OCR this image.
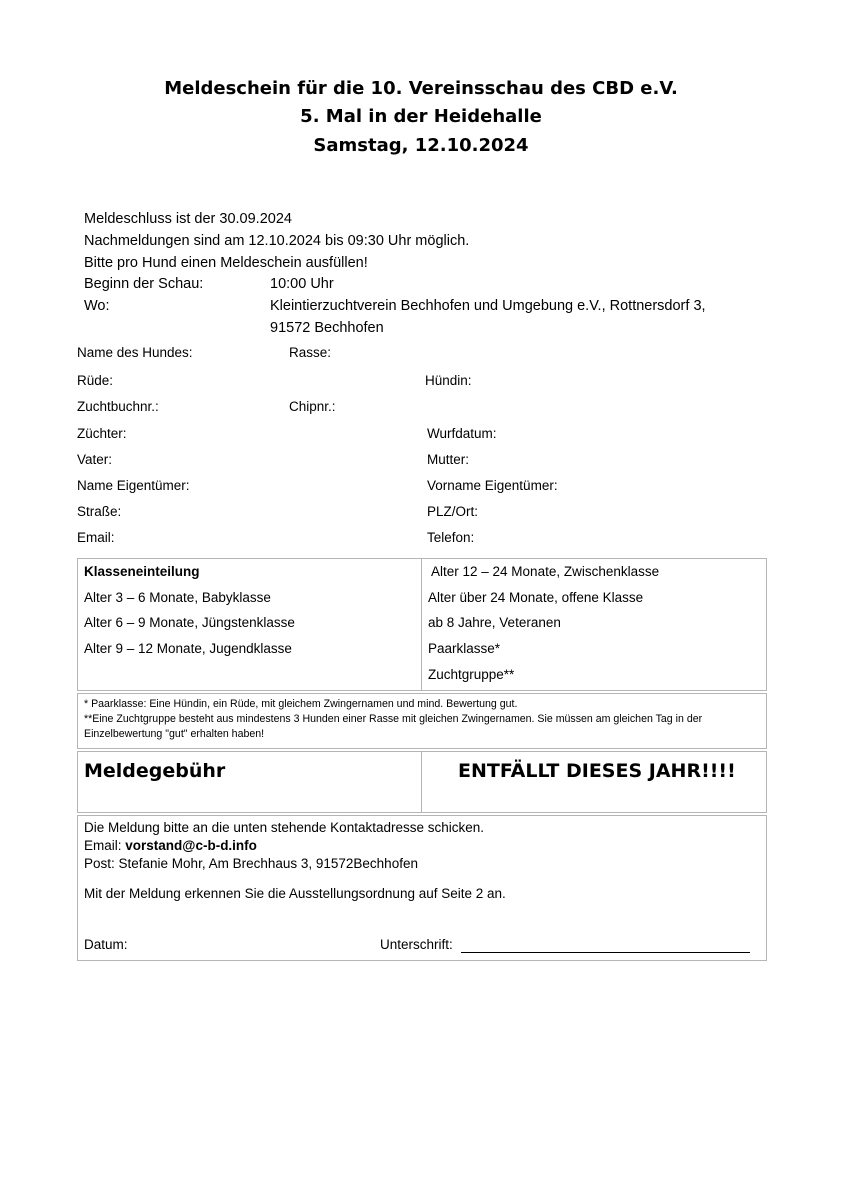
Meldeschein für die 10. Vereinsschau des CBD e.V.
5. Mal in der Heidehalle
Samstag, 12.10.2024
Meldeschluss ist der 30.09.2024
Nachmeldungen sind am 12.10.2024 bis 09:30 Uhr möglich.
Bitte pro Hund einen Meldeschein ausfüllen!
Beginn der Schau:	10:00 Uhr
Wo:	Kleintierzuchtverein Bechhofen und Umgebung e.V., Rottnersdorf 3,
91572 Bechhofen
Name des Hundes:	Rasse:
Rüde:	Hündin:
Zuchtbuchnr.:	Chipnr.:
Züchter:	Wurfdatum:
Vater:	Mutter:
Name Eigentümer:	Vorname Eigentümer:
Straße:	PLZ/Ort:
Email:	Telefon:
Klasseneinteilung
Alter 3 – 6 Monate, Babyklasse
Alter 6 – 9 Monate, Jüngstenklasse
Alter 9 – 12 Monate, Jugendklasse
Alter 12 – 24 Monate, Zwischenklasse
Alter über 24 Monate, offene Klasse
ab 8 Jahre, Veteranen
Paarklasse*
Zuchtgruppe**
* Paarklasse: Eine Hündin, ein Rüde, mit gleichem Zwingernamen und mind. Bewertung gut.
**Eine Zuchtgruppe besteht aus mindestens 3 Hunden einer Rasse mit gleichen Zwingernamen. Sie müssen am gleichen Tag in der Einzelbewertung "gut" erhalten haben!
Meldegebühr	ENTFÄLLT DIESES JAHR!!!!
Die Meldung bitte an die unten stehende Kontaktadresse schicken.
Email: vorstand@c-b-d.info
Post: Stefanie Mohr, Am Brechhaus 3, 91572Bechhofen
Mit der Meldung erkennen Sie die Ausstellungsordnung auf Seite 2 an.
Datum:	Unterschrift:
